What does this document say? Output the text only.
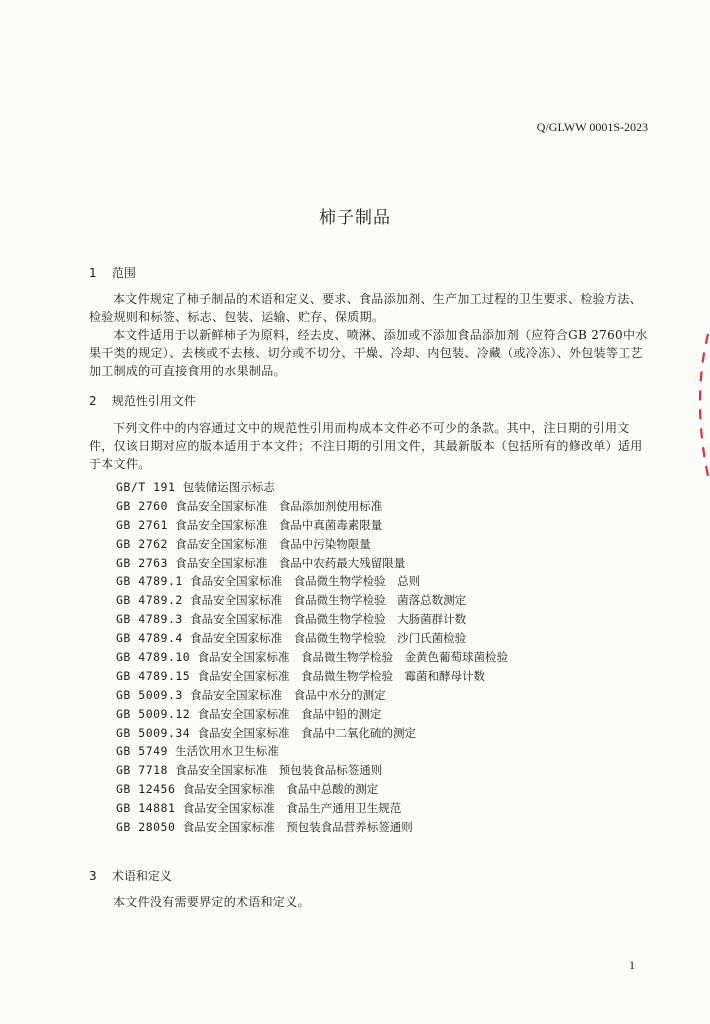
Q/GLWW 0001S-2023
柿子制品
1 范围

本文件规定了柿子制品的术语和定义、要求、食品添加剂、生产加工过程的卫生要求、检验方法、检验规则和标签、标志、包装、运输、贮存、保质期。

本文件适用于以新鲜柿子为原料，经去皮、喷淋、添加或不添加食品添加剂（应符合GB 2760中水果干类的规定）、去核或不去核、切分或不切分、干燥、冷却、内包装、冷藏（或冷冻）、外包装等工艺加工制成的可直接食用的水果制品。

2 规范性引用文件

下列文件中的内容通过文中的规范性引用而构成本文件必不可少的条款。其中，注日期的引用文件，仅该日期对应的版本适用于本文件；不注日期的引用文件，其最新版本（包括所有的修改单）适用于本文件。

GB/T 191 包装储运图示标志
GB 2760 食品安全国家标准　食品添加剂使用标准
GB 2761 食品安全国家标准　食品中真菌毒素限量
GB 2762 食品安全国家标准　食品中污染物限量
GB 2763 食品安全国家标准　食品中农药最大残留限量
GB 4789.1 食品安全国家标准　食品微生物学检验　总则
GB 4789.2 食品安全国家标准　食品微生物学检验　菌落总数测定
GB 4789.3 食品安全国家标准　食品微生物学检验　大肠菌群计数
GB 4789.4 食品安全国家标准　食品微生物学检验　沙门氏菌检验
GB 4789.10 食品安全国家标准　食品微生物学检验　金黄色葡萄球菌检验
GB 4789.15 食品安全国家标准　食品微生物学检验　霉菌和酵母计数
GB 5009.3 食品安全国家标准　食品中水分的测定
GB 5009.12 食品安全国家标准　食品中铅的测定
GB 5009.34 食品安全国家标准　食品中二氧化硫的测定
GB 5749 生活饮用水卫生标准
GB 7718 食品安全国家标准　预包装食品标签通则
GB 12456 食品安全国家标准　食品中总酸的测定
GB 14881 食品安全国家标准　食品生产通用卫生规范
GB 28050 食品安全国家标准　预包装食品营养标签通则
3 术语和定义

本文件没有需要界定的术语和定义。

1
